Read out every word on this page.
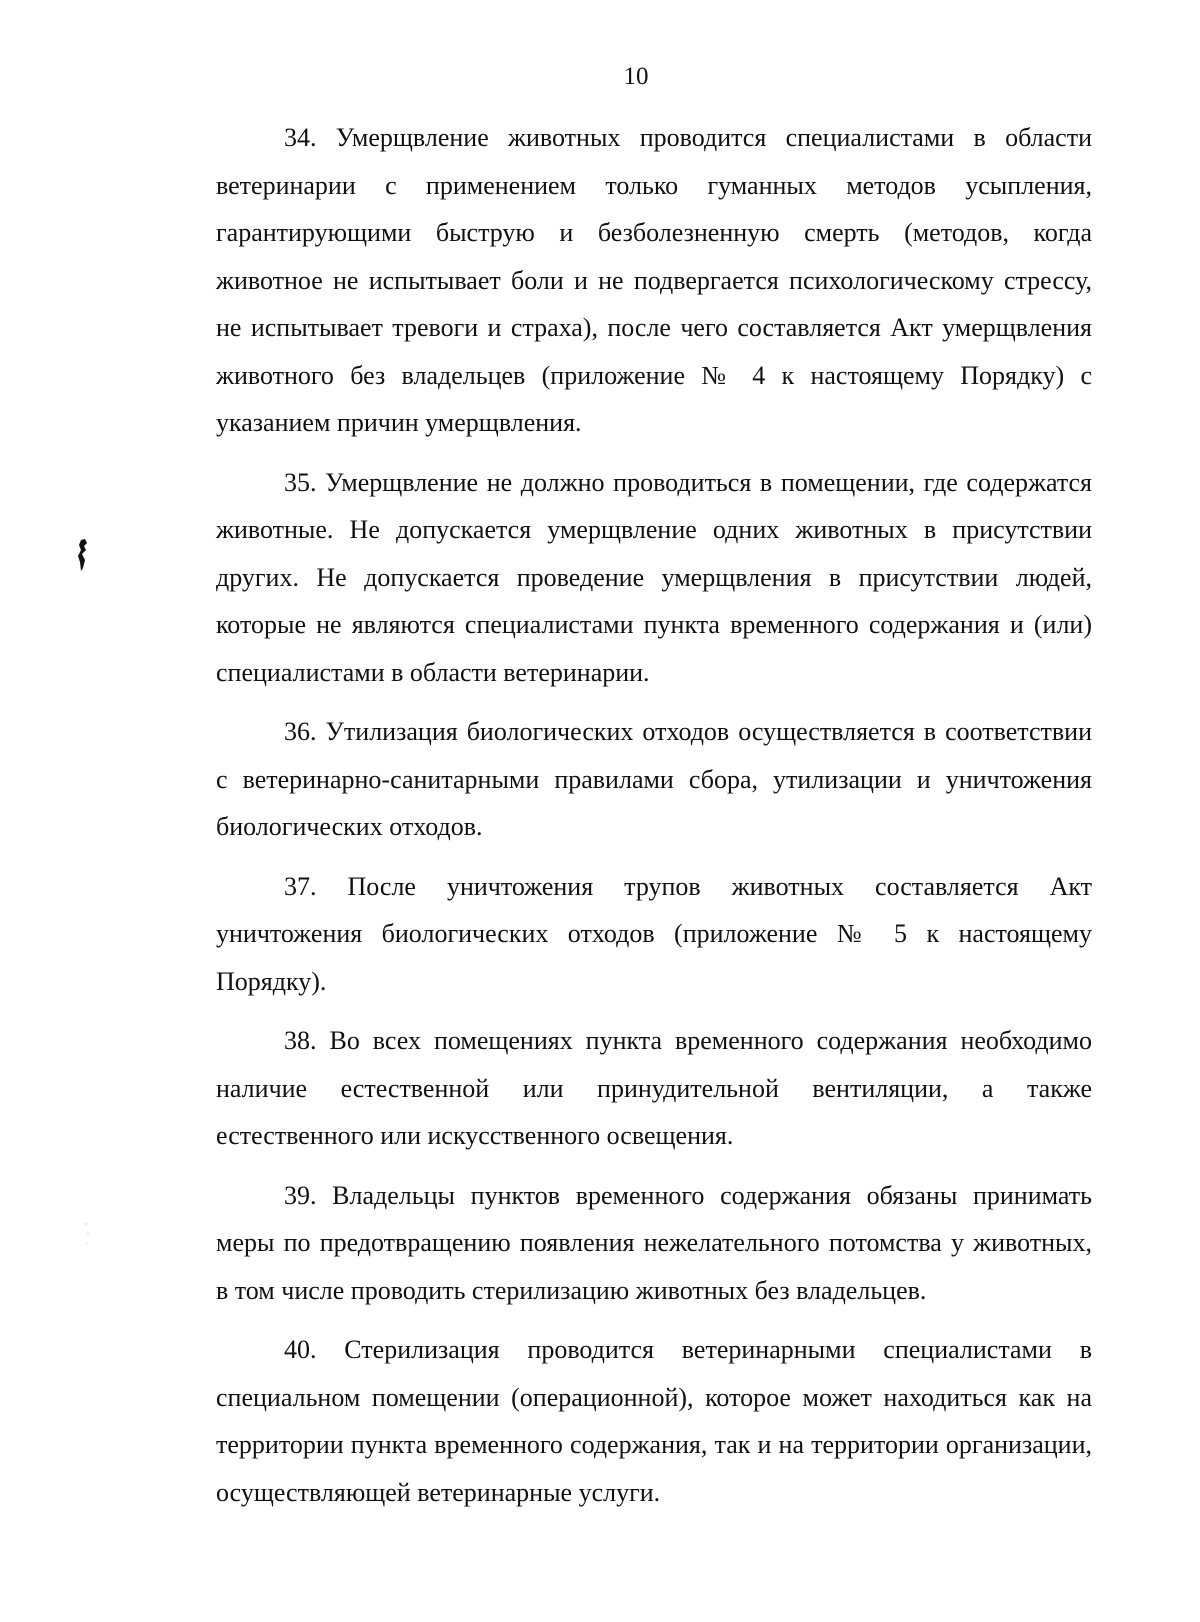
10

34. Умерщвление животных проводится специалистами в области ветеринарии с применением только гуманных методов усыпления, гарантирующими быструю и безболезненную смерть (методов, когда животное не испытывает боли и не подвергается психологическому стрессу, не испытывает тревоги и страха), после чего составляется Акт умерщвления животного без владельцев (приложение № 4 к настоящему Порядку) с указанием причин умерщвления.

35. Умерщвление не должно проводиться в помещении, где содержатся животные. Не допускается умерщвление одних животных в присутствии других. Не допускается проведение умерщвления в присутствии людей, которые не являются специалистами пункта временного содержания и (или) специалистами в области ветеринарии.

36. Утилизация биологических отходов осуществляется в соответствии с ветеринарно-санитарными правилами сбора, утилизации и уничтожения биологических отходов.

37. После уничтожения трупов животных составляется Акт уничтожения биологических отходов (приложение № 5 к настоящему Порядку).

38. Во всех помещениях пункта временного содержания необходимо наличие естественной или принудительной вентиляции, а также естественного или искусственного освещения.

39. Владельцы пунктов временного содержания обязаны принимать меры по предотвращению появления нежелательного потомства у животных, в том числе проводить стерилизацию животных без владельцев.

40. Стерилизация проводится ветеринарными специалистами в специальном помещении (операционной), которое может находиться как на территории пункта временного содержания, так и на территории организации, осуществляющей ветеринарные услуги.
